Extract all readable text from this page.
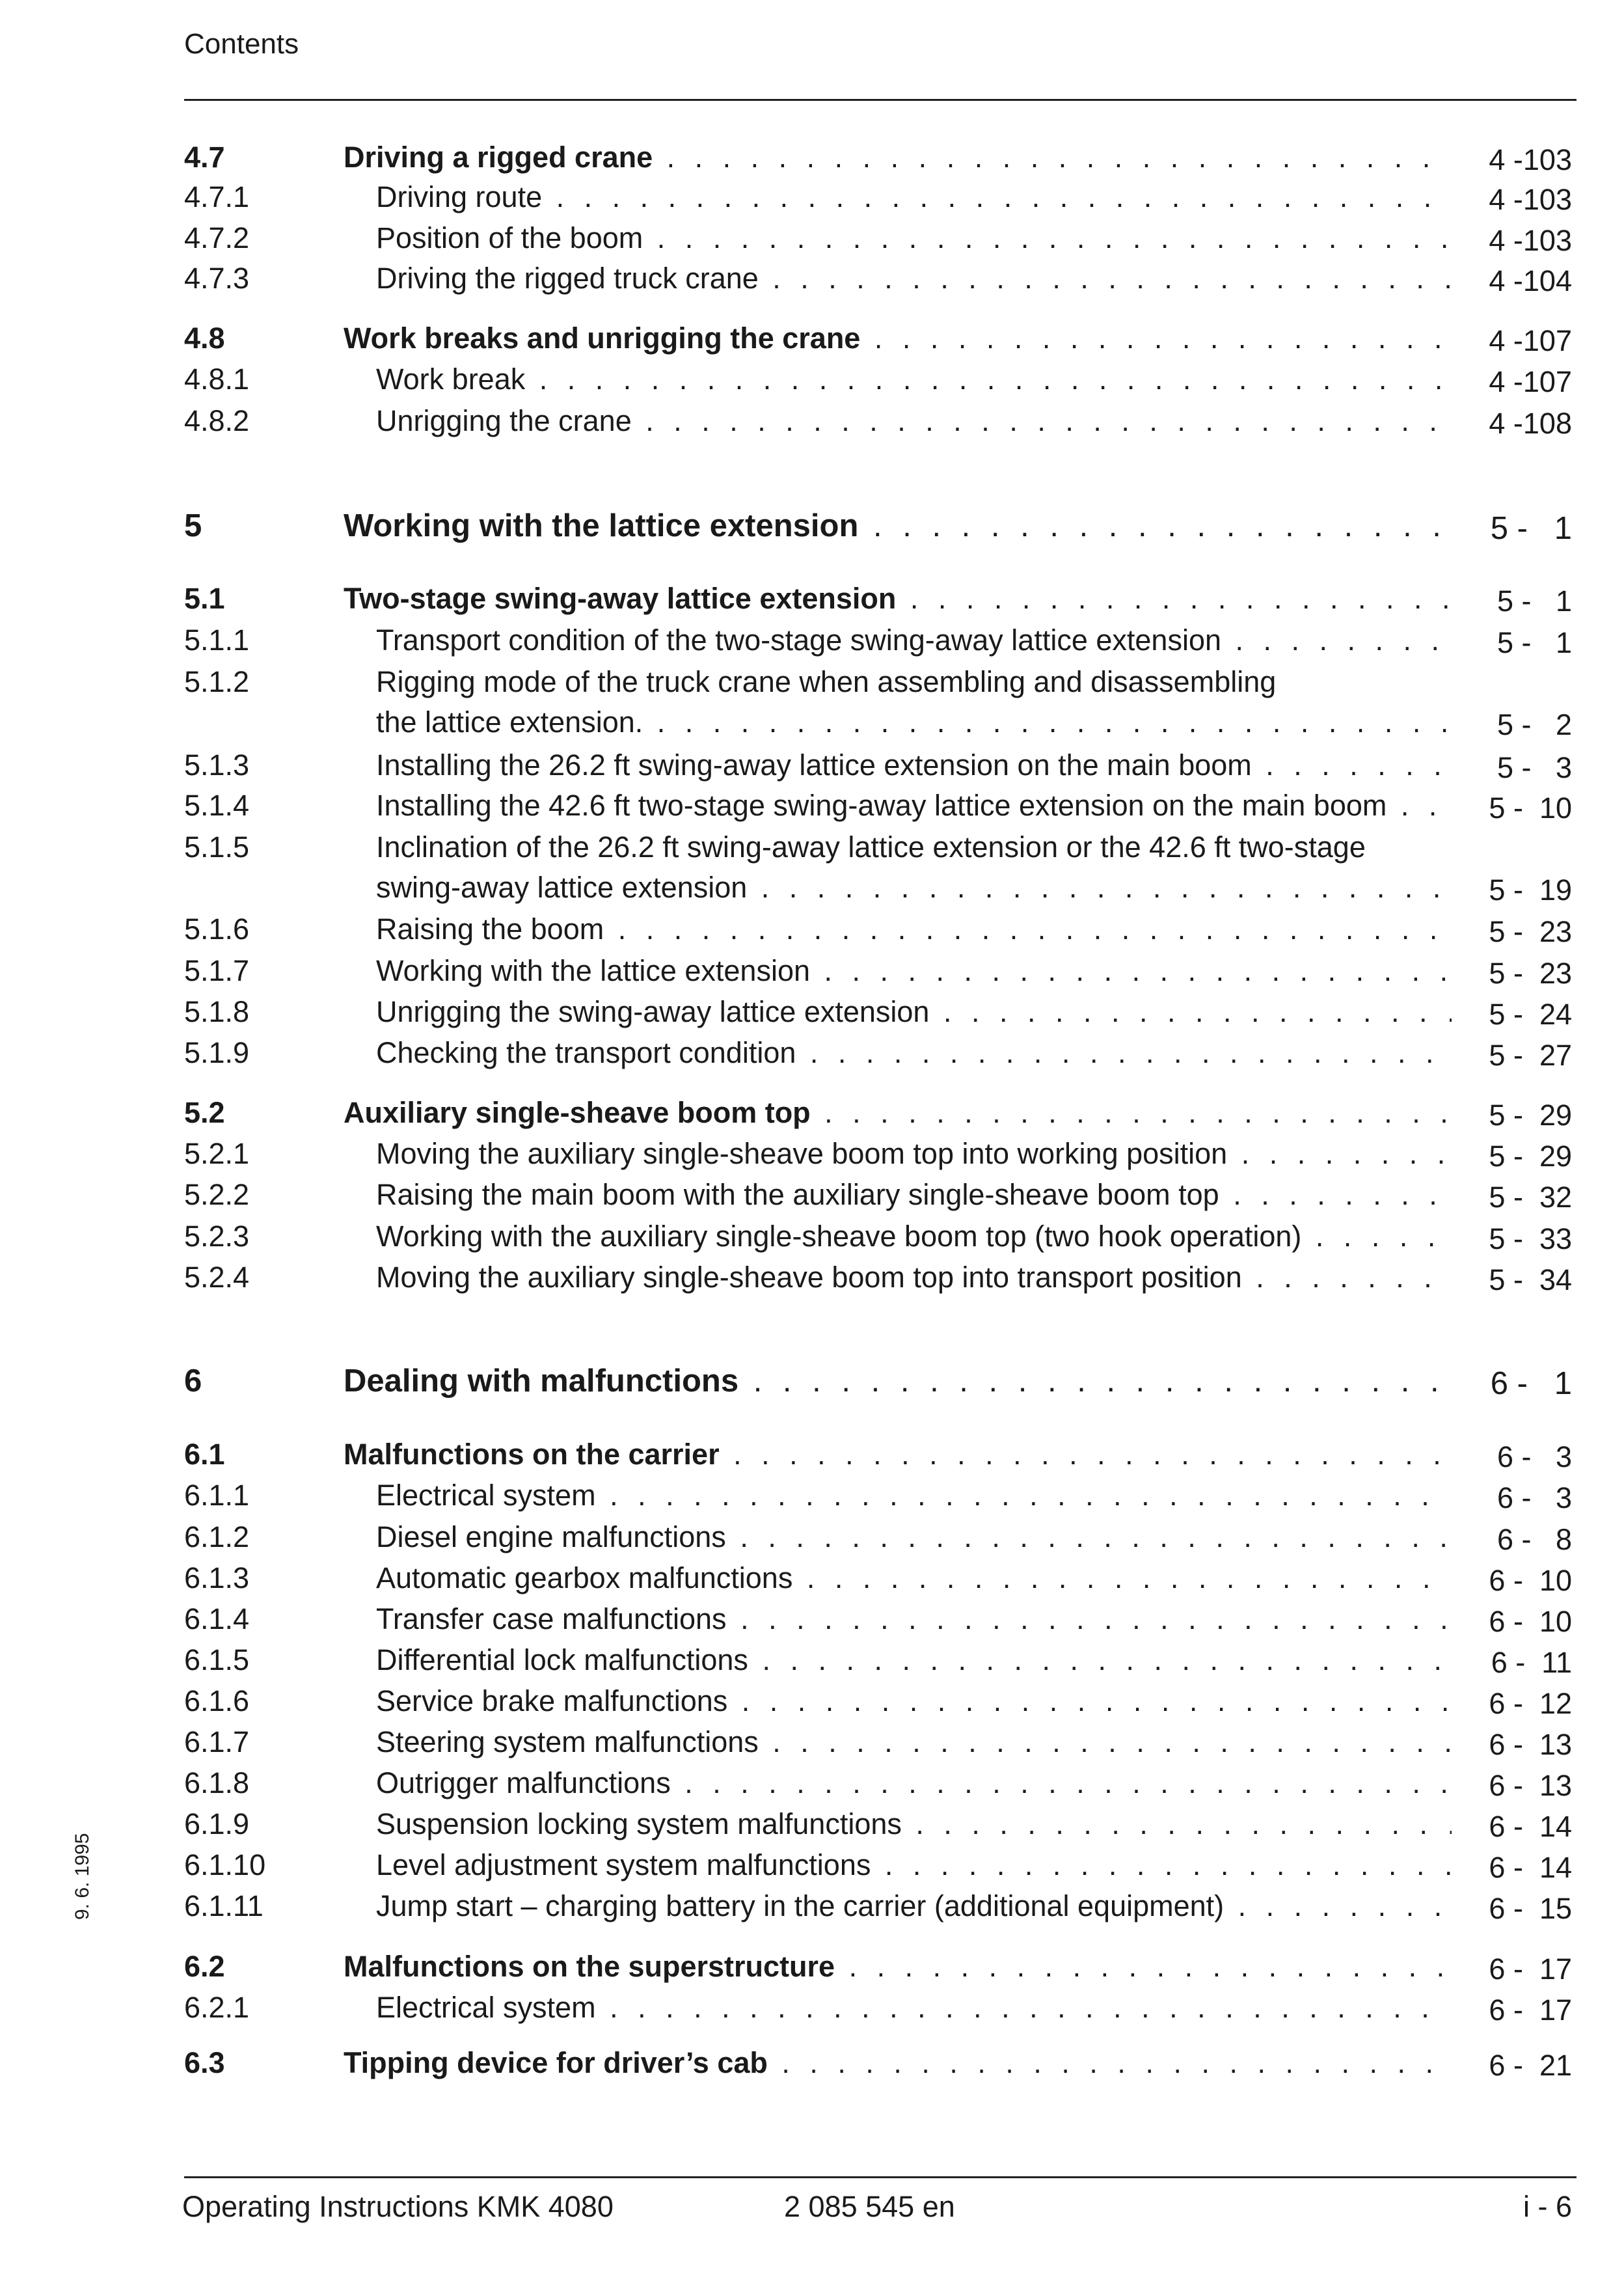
Contents
4.7	Driving a rigged crane . . .	4 -103
4.7.1	Driving route . . .	4 -103
4.7.2	Position of the boom . . .	4 -103
4.7.3	Driving the rigged truck crane . . .	4 -104
4.8	Work breaks and unrigging the crane . . .	4 -107
4.8.1	Work break . . .	4 -107
4.8.2	Unrigging the crane . . .	4 -108
5	Working with the lattice extension . . .	5 -   1
5.1	Two-stage swing-away lattice extension . . .	5 -   1
5.1.1	Transport condition of the two-stage swing-away lattice extension . . .	5 -   1
5.1.2	Rigging mode of the truck crane when assembling and disassembling
the lattice extension. . . .	5 -   2
5.1.3	Installing the 26.2 ft swing-away lattice extension on the main boom . . .	5 -   3
5.1.4	Installing the 42.6 ft two-stage swing-away lattice extension on the main boom . . .	5 -  10
5.1.5	Inclination of the 26.2 ft swing-away lattice extension or the 42.6 ft two-stage
swing-away lattice extension . . .	5 -  19
5.1.6	Raising the boom . . .	5 -  23
5.1.7	Working with the lattice extension . . .	5 -  23
5.1.8	Unrigging the swing-away lattice extension . . .	5 -  24
5.1.9	Checking the transport condition . . .	5 -  27
5.2	Auxiliary single-sheave boom top . . .	5 -  29
5.2.1	Moving the auxiliary single-sheave boom top into working position . . .	5 -  29
5.2.2	Raising the main boom with the auxiliary single-sheave boom top . . .	5 -  32
5.2.3	Working with the auxiliary single-sheave boom top (two hook operation) . . .	5 -  33
5.2.4	Moving the auxiliary single-sheave boom top into transport position . . .	5 -  34
6	Dealing with malfunctions . . .	6 -   1
6.1	Malfunctions on the carrier . . .	6 -   3
6.1.1	Electrical system . . .	6 -   3
6.1.2	Diesel engine malfunctions . . .	6 -   8
6.1.3	Automatic gearbox malfunctions . . .	6 -  10
6.1.4	Transfer case malfunctions . . .	6 -  10
6.1.5	Differential lock malfunctions . . .	6 -  11
6.1.6	Service brake malfunctions . . .	6 -  12
6.1.7	Steering system malfunctions . . .	6 -  13
6.1.8	Outrigger malfunctions . . .	6 -  13
6.1.9	Suspension locking system malfunctions . . .	6 -  14
6.1.10	Level adjustment system malfunctions . . .	6 -  14
6.1.11	Jump start – charging battery in the carrier (additional equipment) . . .	6 -  15
6.2	Malfunctions on the superstructure . . .	6 -  17
6.2.1	Electrical system . . .	6 -  17
6.3	Tipping device for driver’s cab . . .	6 -  21
9. 6. 1995
Operating Instructions KMK 4080	2 085 545 en	i - 6
